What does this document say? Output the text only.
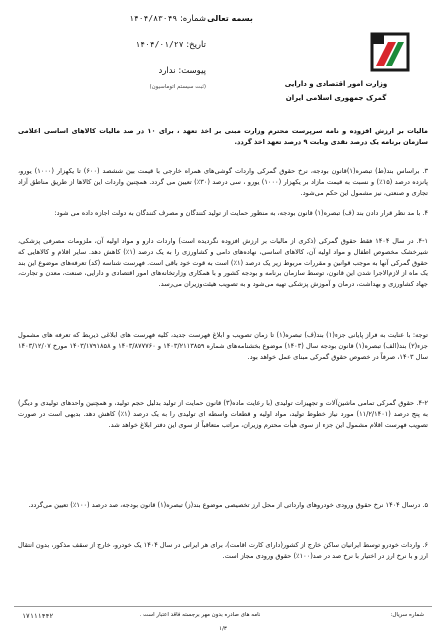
شماره: ۱۴۰۴/۸۳۰۴۹
تاریخ: ۱۴۰۴/۰۱/۲۷
پیوست: ندارد
(ثبت سیستم اتوماسیون)
بسمه تعالی
وزارت امور اقتصادی و دارایی
گمرک جمهوری اسلامی ایران
مالیات بر ارزش افزوده و نامه سرپرست محترم وزارت مبنی بر اخذ تعهد ، برای ۱۰ در صد مالیات کالاهای اساسی اعلامی سازمان برنامه یک درصد نقدی وبابت ۹ درصد تعهد اخذ گردد.
۳. براساس بند(ط) تبصره(۱)قانون بودجه، نرخ حقوق گمرکی واردات گوشی‌های همراه خارجی با قیمت بین ششصد (۶۰۰) تا یکهزار (۱۰۰۰) یورو، پانزده درصد (۱۵٪) و نسبت به قیمت مازاد بر یکهزار (۱۰۰۰) یورو ، سی درصد (۳۰٪) تعیین می گردد. همچنین واردات این کالاها از طریق مناطق آزاد تجاری و صنعتی، نیز مشمول این حکم می‌شود.
۴. با مد نظر قرار دادن بند (ف) تبصره(۱) قانون بودجه، به منظور حمایت از تولید کنندگان و مصرف کنندگان به دولت اجازه داده می شود:
۴-۱. در سال ۱۴۰۴ فقط حقوق گمرکی (ذکری از مالیات بر ارزش افزوده نگردیده است) واردات دارو و مواد اولیه آن، ملزومات مصرفی پزشکی، شیرخشک مخصوص اطفال و مواد اولیه آن، کالاهای اساسی، نهاده‌های دامی و کشاورزی را به یک درصد (۱٪) کاهش دهد. سایر اقلام و کالاهایی که حقوق گمرکی آنها به موجب قوانین و مقررات مربوط زیر یک درصد (۱٪) است به قوت خود باقی است. فهرست شناسه (کد) تعرفه‌های موضوع این بند یک ماه از لازم‌الاجرا شدن این قانون، توسط سازمان برنامه و بودجه کشور و با همکاری وزارتخانه‌های امور اقتصادی و دارایی، صنعت، معدن و تجارت، جهاد کشاورزی و بهداشت، درمان و آموزش پزشکی تهیه می‌شود و به تصویب هیئت‌وزیران می‌رسد.
توجه: با عنایت به فراز پایانی جزء(۱) بند(ف) تبصره(۱) تا زمان تصویب و ابلاغ فهرست جدید، کلیه فهرست های ابلاغی ذیربط که تعرفه های مشمول جزء(۲) بند(الف) تبصره(۱) قانون بودجه سال (۱۴۰۳) موضوع بخشنامه‌های شماره ۱۴۰۳/۲۱۱۳۸۵۹ و ۱۴۰۳/۸۷۷۷۶۰ و ۱۴۰۳/۱۷۹۱۸۵۸ مورخ ۱۴۰۳/۱۲/۰۷ سال ۱۴۰۳، صرفاً در خصوص حقوق گمرکی مبنای عمل خواهد بود.
۴-۲. حقوق گمرکی تمامی ماشین‌آلات و تجهیزات تولیدی (با رعایت ماده(۳) قانون حمایت از تولید بدلیل حجم تولید، و همچنین واحدهای تولیدی و دیگر) به پنج درصد (۱۱/۲/۱۴۰۱) مورد نیاز خطوط تولید، مواد اولیه و قطعات واسطه ای تولیدی را به یک درصد (۱٪) کاهش دهد. بدیهی است در صورت تصویب فهرست اقلام مشمول این جزء از سوی هیأت محترم وزیران، مراتب متعاقباً از سوی این دفتر ابلاغ خواهد شد.
۵. درسال ۱۴۰۴ نرخ حقوق ورودی خودروهای وارداتی از محل ارز تخصیصی موضوع بند(ز) تبصره(۱) قانون بودجه، صد درصد (۱۰۰٪) تعیین می‌گردد.
۶. واردات خودرو توسط ایرانیان ساکن خارج از کشور(دارای کارت اقامت)، برای هر ایرانی در سال ۱۴۰۴ یک خودرو، خارج از سقف مذکور، بدون انتقال ارز و با نرخ ارز در اختیار با نرخ صد در صد(۱۰۰٪) حقوق ورودی مجاز است.
۱۷۱۱۱۴۴۲	نامه های صادره بدون مهر برجسته فاقد اعتبار است .	شماره سریال:
۱/۳
